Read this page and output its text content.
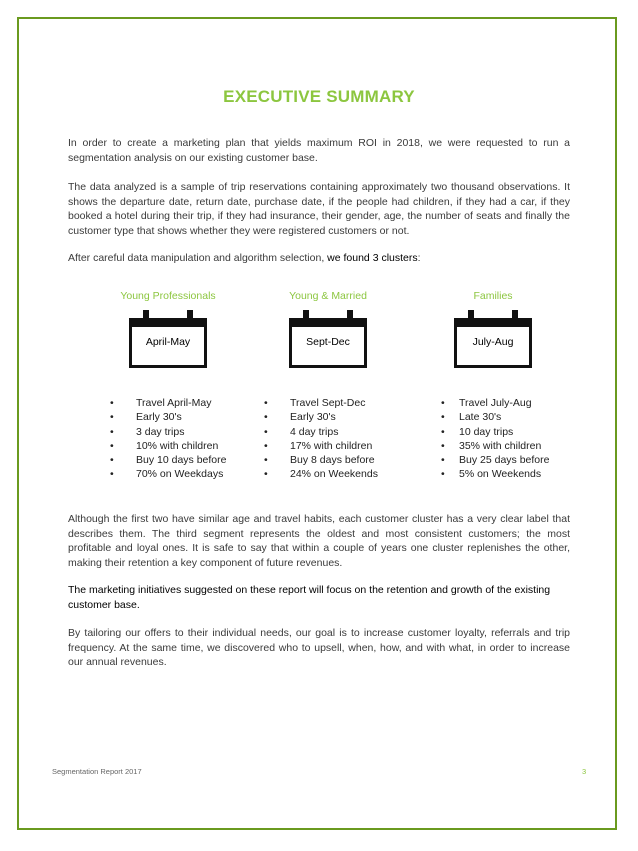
EXECUTIVE SUMMARY

In order to create a marketing plan that yields maximum ROI in 2018, we were requested to run a segmentation analysis on our existing customer base.

The data analyzed is a sample of trip reservations containing approximately two thousand observations. It shows the departure date, return date, purchase date, if the people had children, if they had a car, if they booked a hotel during their trip, if they had insurance, their gender, age, the number of seats and finally the customer type that shows whether they were registered customers or not.

After careful data manipulation and algorithm selection, we found 3 clusters:

Young Professionals
April-May
Young & Married
Sept-Dec
Families
July-Aug
• Travel April-May
• Early 30's
• 3 day trips
• 10% with children
• Buy 10 days before
• 70% on Weekdays
• Travel Sept-Dec
• Early 30's
• 4 day trips
• 17% with children
• Buy 8 days before
• 24% on Weekends
• Travel July-Aug
• Late 30's
• 10 day trips
• 35% with children
• Buy 25 days before
• 5% on Weekends

Although the first two have similar age and travel habits, each customer cluster has a very clear label that describes them. The third segment represents the oldest and most consistent customers; the most profitable and loyal ones. It is safe to say that within a couple of years one cluster replenishes the other, making their retention a key component of future revenues.

The marketing initiatives suggested on these report will focus on the retention and growth of the existing customer base.

By tailoring our offers to their individual needs, our goal is to increase customer loyalty, referrals and trip frequency. At the same time, we discovered who to upsell, when, how, and with what, in order to increase our annual revenues.

Segmentation Report 2017	3
